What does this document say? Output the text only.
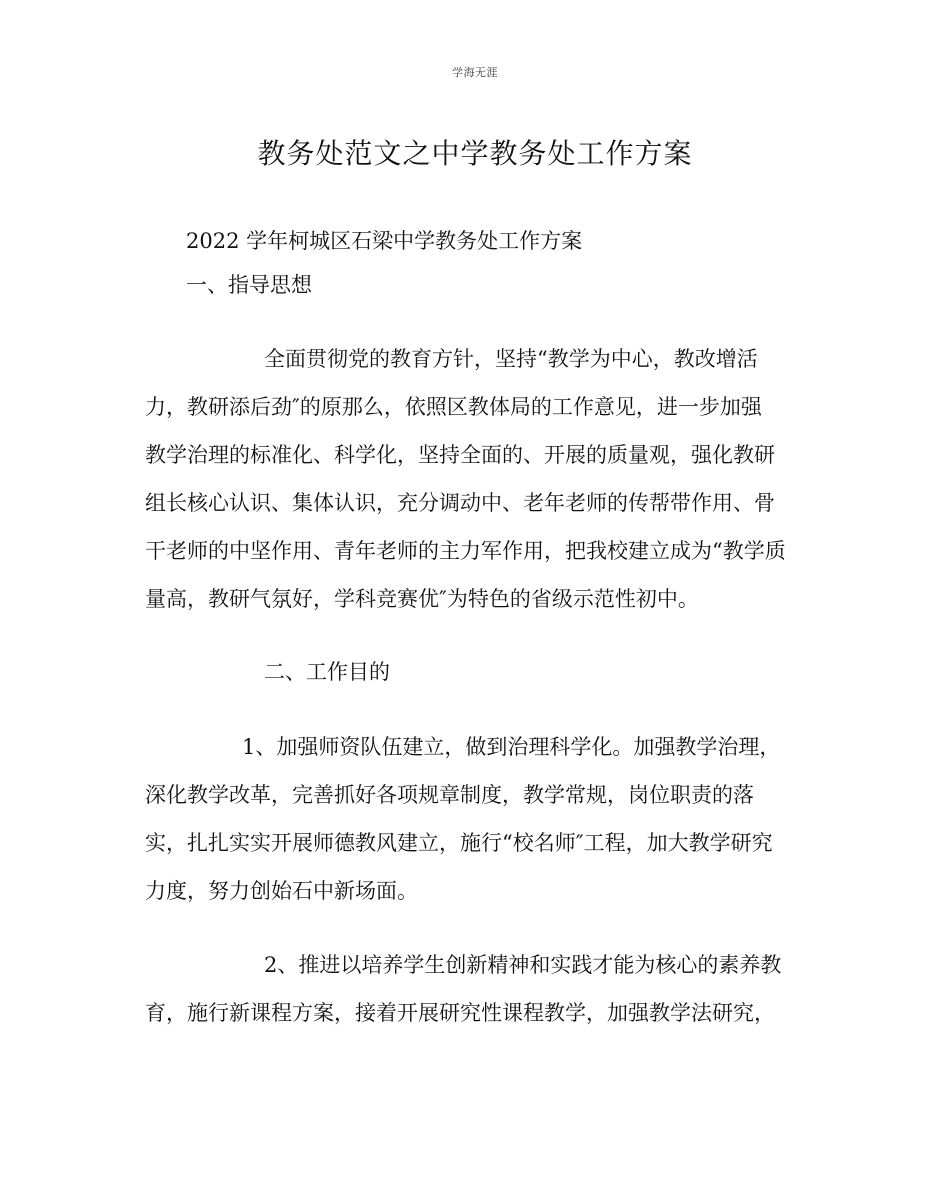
学海无涯
教务处范文之中学教务处工作方案
2022 学年柯城区石梁中学教务处工作方案
一、指导思想
全面贯彻党的教育方针，坚持“教学为中心，教改增活
力，教研添后劲″的原那么，依照区教体局的工作意见，进一步加强
教学治理的标准化、科学化，坚持全面的、开展的质量观，强化教研
组长核心认识、集体认识，充分调动中、老年老师的传帮带作用、骨
干老师的中坚作用、青年老师的主力军作用，把我校建立成为“教学质
量高，教研气氛好，学科竞赛优″为特色的省级示范性初中。
二、工作目的
1、加强师资队伍建立，做到治理科学化。加强教学治理，
深化教学改革，完善抓好各项规章制度，教学常规，岗位职责的落
实，扎扎实实开展师德教风建立，施行“校名师″工程，加大教学研究
力度，努力创始石中新场面。
2、推进以培养学生创新精神和实践才能为核心的素养教
育，施行新课程方案，接着开展研究性课程教学，加强教学法研究，
